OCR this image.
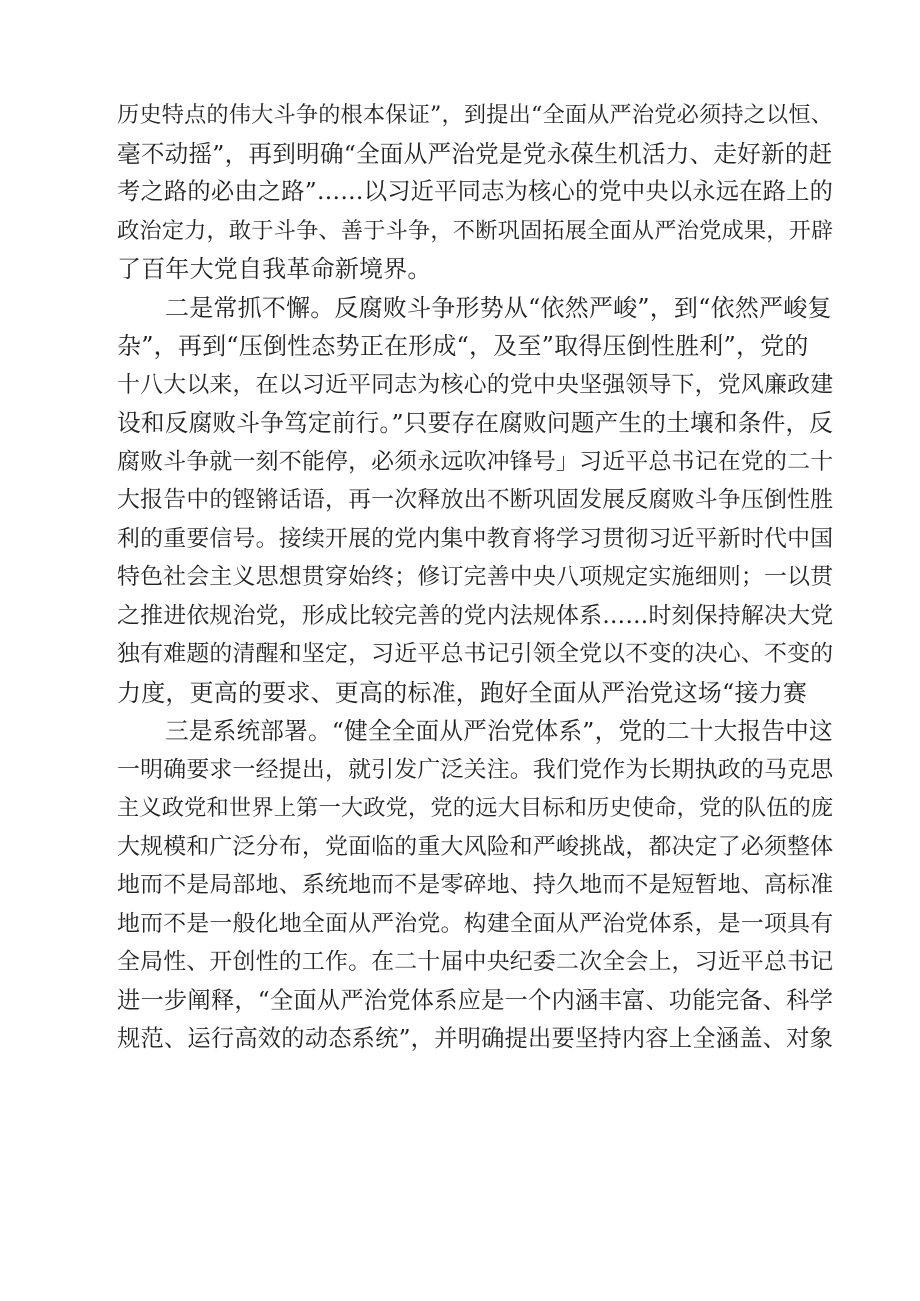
历史特点的伟大斗争的根本保证”，到提出“全面从严治党必须持之以恒、
毫不动摇”，再到明确“全面从严治党是党永葆生机活力、走好新的赶
考之路的必由之路”……以习近平同志为核心的党中央以永远在路上的
政治定力，敢于斗争、善于斗争，不断巩固拓展全面从严治党成果，开辟
了百年大党自我革命新境界。

二是常抓不懈。反腐败斗争形势从“依然严峻”，到“依然严峻复
杂”，再到“压倒性态势正在形成“，及至”取得压倒性胜利”，党的
十八大以来，在以习近平同志为核心的党中央坚强领导下，党风廉政建
设和反腐败斗争笃定前行。”只要存在腐败问题产生的土壤和条件，反
腐败斗争就一刻不能停，必须永远吹冲锋号」习近平总书记在党的二十
大报告中的铿锵话语，再一次释放出不断巩固发展反腐败斗争压倒性胜
利的重要信号。接续开展的党内集中教育将学习贯彻习近平新时代中国
特色社会主义思想贯穿始终；修订完善中央八项规定实施细则；一以贯
之推进依规治党，形成比较完善的党内法规体系……时刻保持解决大党
独有难题的清醒和坚定，习近平总书记引领全党以不变的决心、不变的
力度，更高的要求、更高的标准，跑好全面从严治党这场“接力赛

三是系统部署。“健全全面从严治党体系”，党的二十大报告中这
一明确要求一经提出，就引发广泛关注。我们党作为长期执政的马克思
主义政党和世界上第一大政党，党的远大目标和历史使命，党的队伍的庞
大规模和广泛分布，党面临的重大风险和严峻挑战，都决定了必须整体
地而不是局部地、系统地而不是零碎地、持久地而不是短暂地、高标准
地而不是一般化地全面从严治党。构建全面从严治党体系，是一项具有
全局性、开创性的工作。在二十届中央纪委二次全会上，习近平总书记
进一步阐释，“全面从严治党体系应是一个内涵丰富、功能完备、科学
规范、运行高效的动态系统”，并明确提出要坚持内容上全涵盖、对象
